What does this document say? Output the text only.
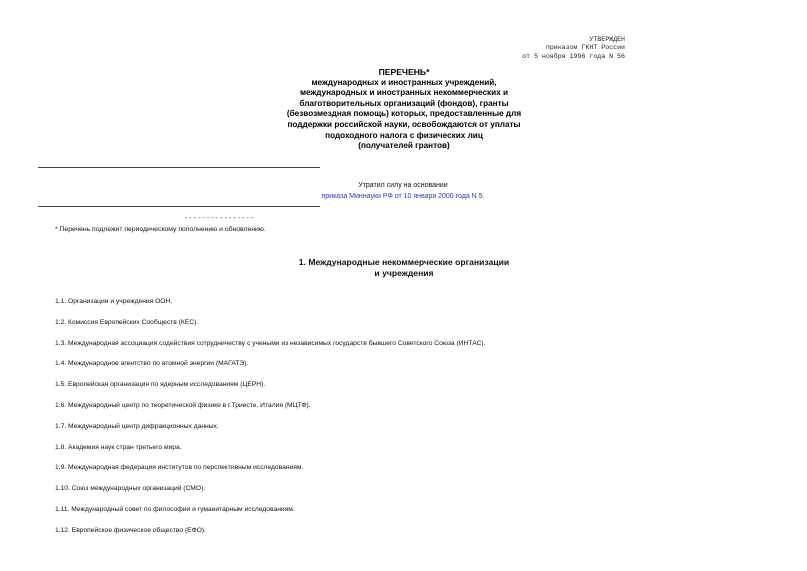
УТВЕРЖДЕН
приказом ГКНТ России
от 5 ноября 1996 года N 56
ПЕРЕЧЕНЬ*
международных и иностранных учреждений,
международных и иностранных некоммерческих и
благотворительных организаций (фондов), гранты
(безвозмездная помощь) которых, предоставленные для
поддержки российской науки, освобождаются от уплаты
подоходного налога с физических лиц
(получателей грантов)
Утратил силу на основании
приказа Миннауки РФ от 10 января 2000 года N 5.
----------------
* Перечень подлежит периодическому пополнению и обновлению.
1. Международные некоммерческие организации
и учреждения
1.1. Организации и учреждения ООН.
1.2. Комиссия Европейских Сообществ (КЕС).
1.3. Международная ассоциация содействия сотрудничеству с учеными из независимых государств бывшего Советского Союза (ИНТАС).
1.4. Международное агентство по атомной энергии (МАГАТЭ).
1.5. Европейская организация по ядерным исследованиям (ЦЕРН).
1.6. Международный центр по теоретической физике в г.Триесте, Италия (МЦТФ).
1.7. Международный центр дифракционных данных.
1.8. Академия наук стран третьего мира.
1.9. Международная федерация институтов по перспективным исследованиям.
1.10. Союз международных организаций (СМО).
1.11. Международный совет по философии и гуманитарным исследованиям.
1.12. Европейское физическое общество (ЕФО).
